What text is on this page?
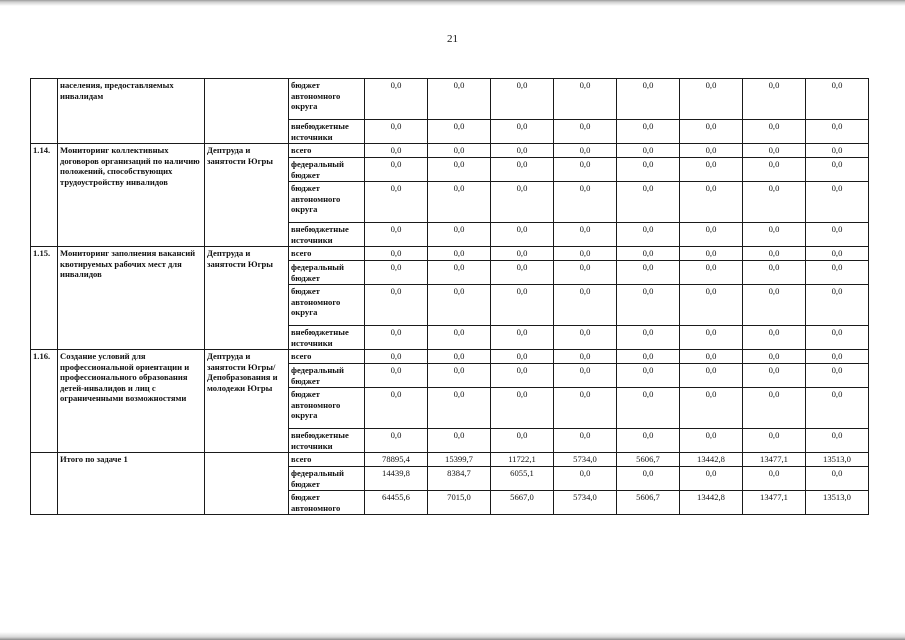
21
	населения, предоставляемых инвалидам		бюджет автономного округа	0,0	0,0	0,0	0,0	0,0	0,0	0,0	0,0
			внебюджетные источники	0,0	0,0	0,0	0,0	0,0	0,0	0,0	0,0
1.14.	Мониторинг коллективных договоров организаций по наличию положений, способствующих трудоустройству инвалидов	Дептруда и занятости Югры	всего	0,0	0,0	0,0	0,0	0,0	0,0	0,0	0,0
			федеральный бюджет	0,0	0,0	0,0	0,0	0,0	0,0	0,0	0,0
			бюджет автономного округа	0,0	0,0	0,0	0,0	0,0	0,0	0,0	0,0
			внебюджетные источники	0,0	0,0	0,0	0,0	0,0	0,0	0,0	0,0
1.15.	Мониторинг заполнения вакансий квотируемых рабочих мест для инвалидов	Дептруда и занятости Югры	всего	0,0	0,0	0,0	0,0	0,0	0,0	0,0	0,0
			федеральный бюджет	0,0	0,0	0,0	0,0	0,0	0,0	0,0	0,0
			бюджет автономного округа	0,0	0,0	0,0	0,0	0,0	0,0	0,0	0,0
			внебюджетные источники	0,0	0,0	0,0	0,0	0,0	0,0	0,0	0,0
1.16.	Создание условий для профессиональной ориентации и профессионального образования детей-инвалидов и лиц с ограниченными возможностями	Дептруда и занятости Югры/Депобразования и молодежи Югры	всего	0,0	0,0	0,0	0,0	0,0	0,0	0,0	0,0
			федеральный бюджет	0,0	0,0	0,0	0,0	0,0	0,0	0,0	0,0
			бюджет автономного округа	0,0	0,0	0,0	0,0	0,0	0,0	0,0	0,0
			внебюджетные источники	0,0	0,0	0,0	0,0	0,0	0,0	0,0	0,0
	Итого по задаче 1		всего	78895,4	15399,7	11722,1	5734,0	5606,7	13442,8	13477,1	13513,0
			федеральный бюджет	14439,8	8384,7	6055,1	0,0	0,0	0,0	0,0	0,0
			бюджет автономного	64455,6	7015,0	5667,0	5734,0	5606,7	13442,8	13477,1	13513,0
